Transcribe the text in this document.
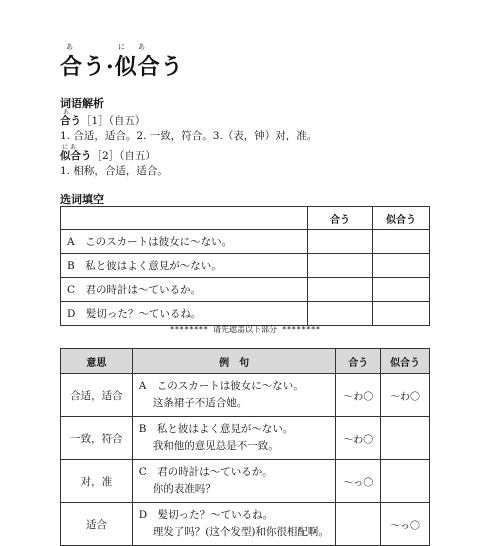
あ	に あ
合う·似合う
词语解析
あ
合う［1］（自五）
1. 合适，适合。2. 一致，符合。3.（表，钟）对，准。
に あ
似合う［2］（自五）
1. 相称，合适，适合。
选词填空
	合う	似合う
A　このスカートは彼女に～ない。		
B　私と彼はよく意見が～ない。		
C　君の時計は～ているか。		
D　髪切った？～ているね。		
******** 请先遮盖以下部分 ********
意思	例　句	合う	似合う
合适，适合	A　このスカートは彼女に～ない。
这条裙子不适合她。	～わ〇	～わ〇
一致，符合	B　私と彼はよく意見が～ない。
我和他的意见总是不一致。	～わ〇	
对，准	C　君の時計は～ているか。
你的表准吗？	～っ〇	
适合	D　髪切った？～ているね。
理发了吗？(这个发型)和你很相配啊。		～っ〇
